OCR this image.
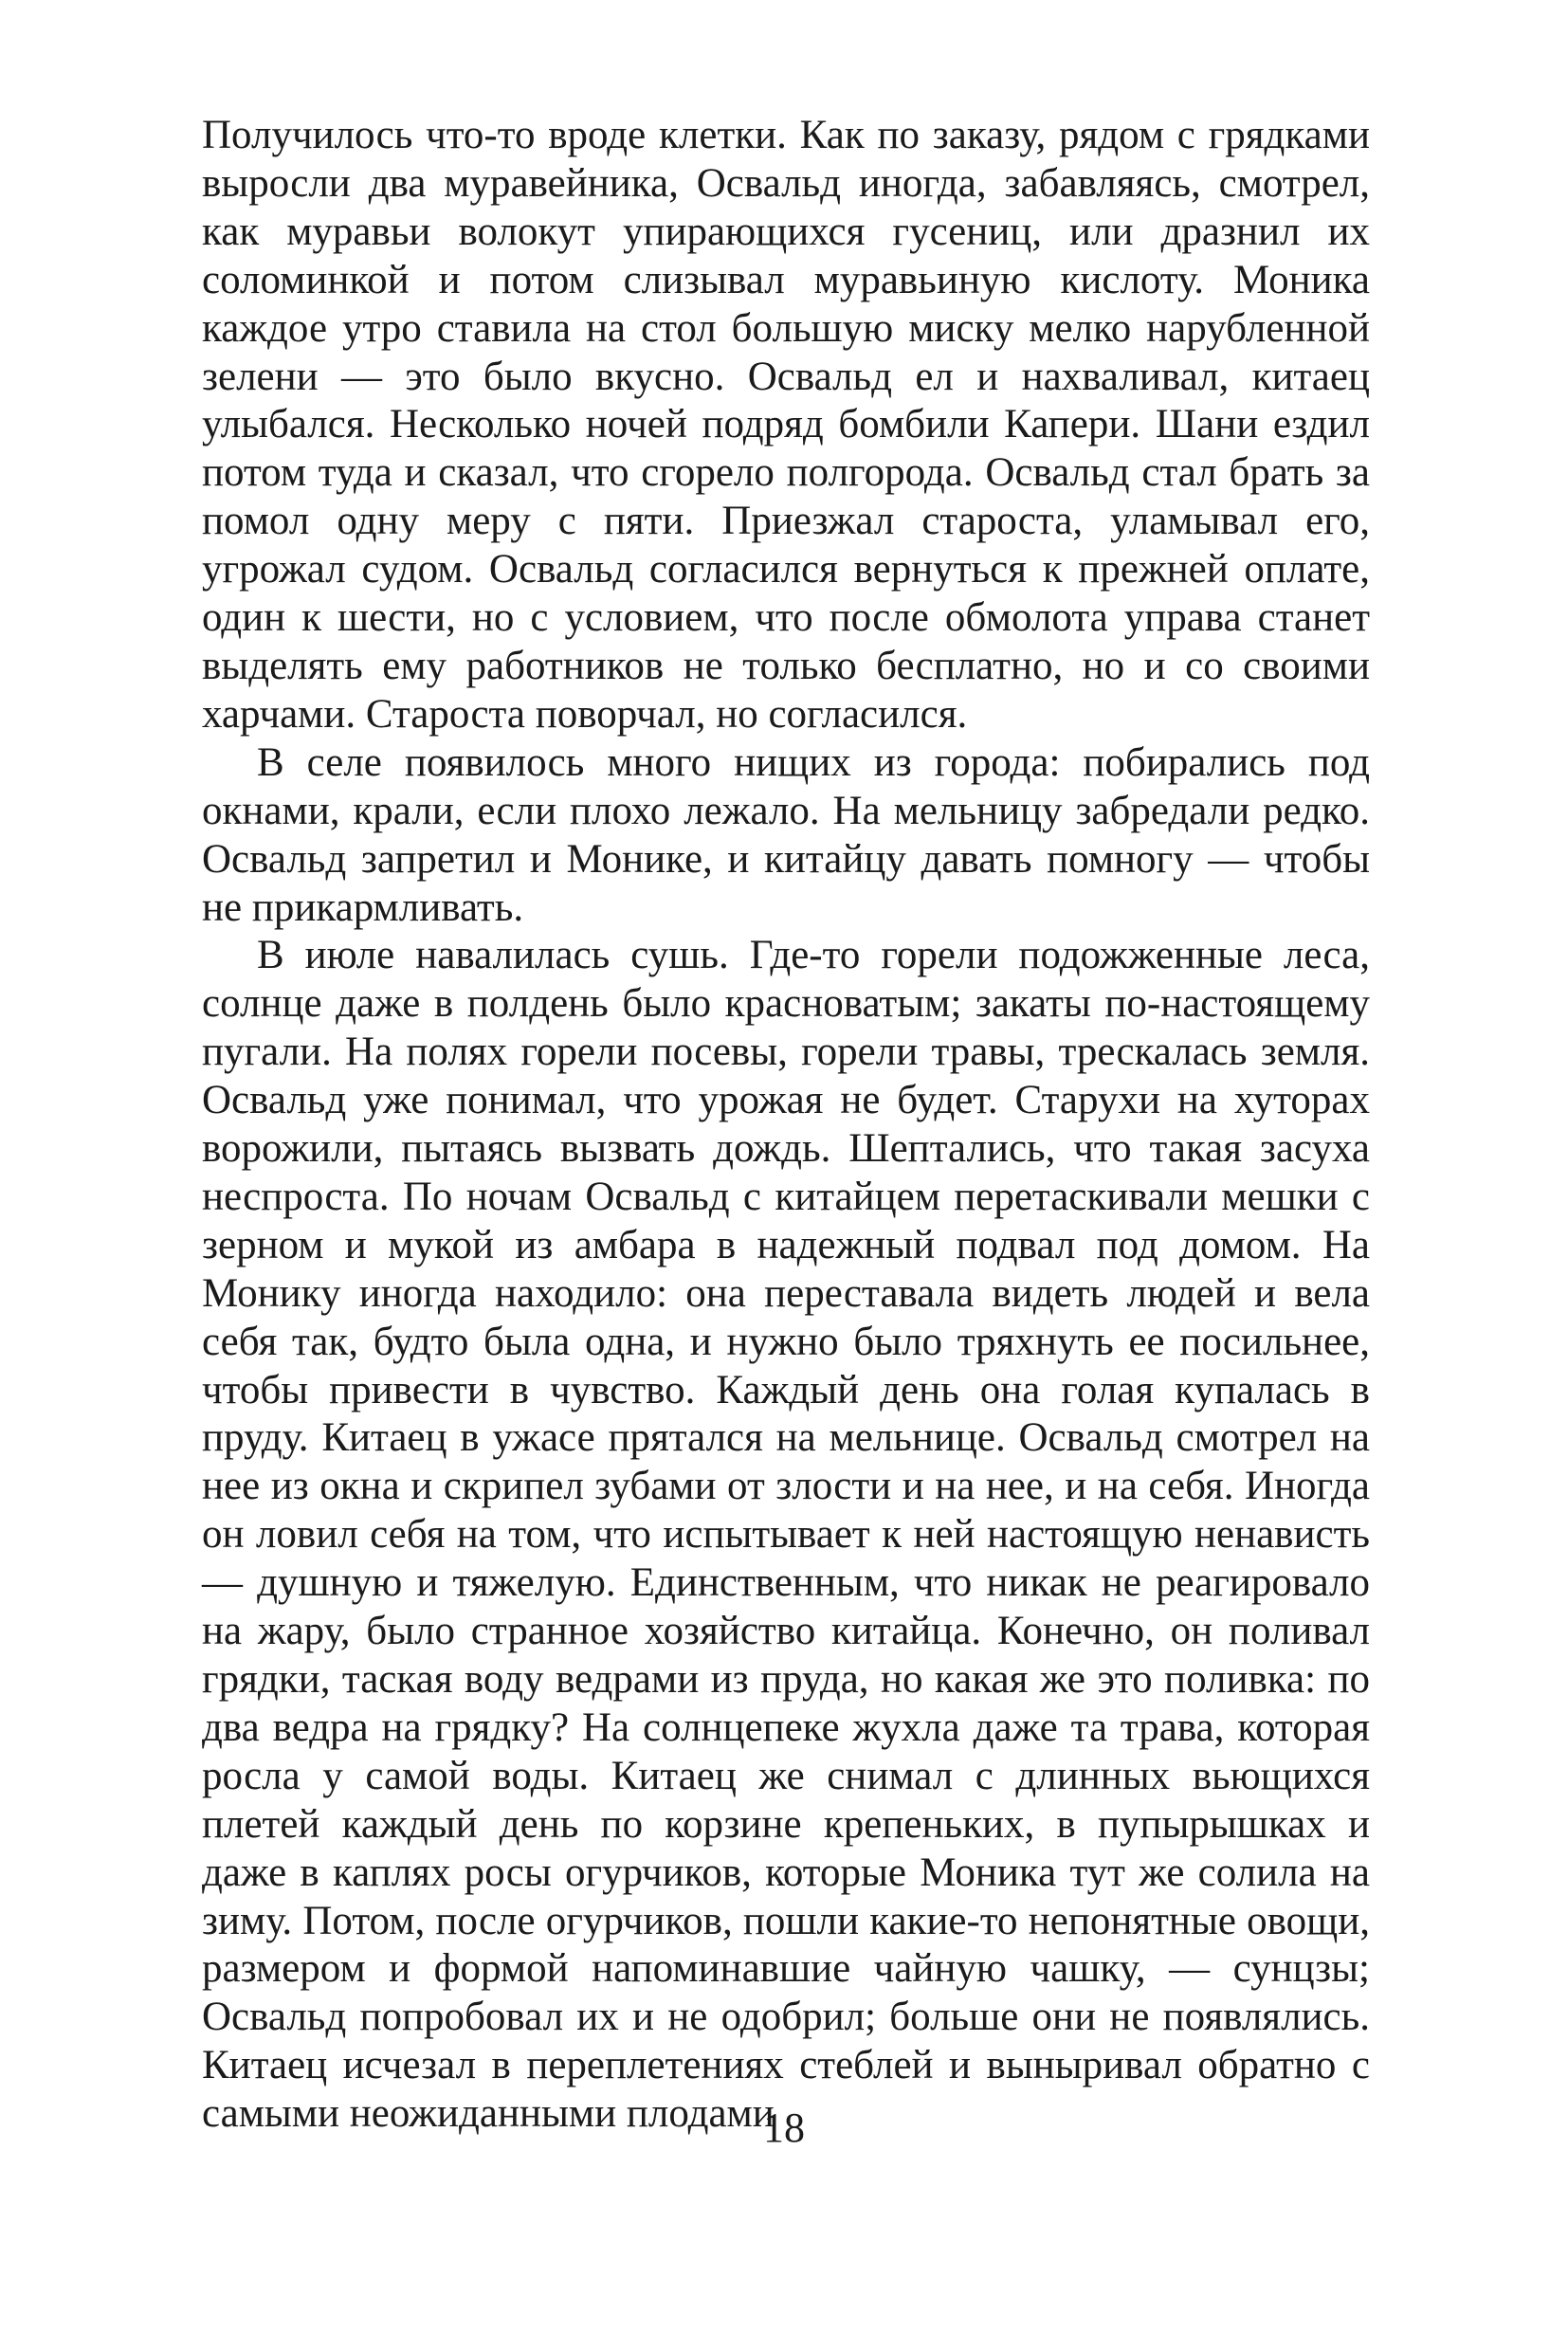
Получилось что-то вроде клетки. Как по заказу, рядом с грядками выросли два муравейника, Освальд иногда, забавляясь, смотрел, как муравьи волокут упирающихся гусениц, или дразнил их соломинкой и потом слизывал муравьиную кислоту. Моника каждое утро ставила на стол большую миску мелко нарубленной зелени — это было вкусно. Освальд ел и нахваливал, китаец улыбался. Несколько ночей подряд бомбили Капери. Шани ездил потом туда и сказал, что сгорело полгорода. Освальд стал брать за помол одну меру с пяти. Приезжал староста, уламывал его, угрожал судом. Освальд согласился вернуться к прежней оплате, один к шести, но с условием, что после обмолота управа станет выделять ему работников не только бесплатно, но и со своими харчами. Староста поворчал, но согласился.

В селе появилось много нищих из города: побирались под окнами, крали, если плохо лежало. На мельницу забредали редко. Освальд запретил и Монике, и китайцу давать помногу — чтобы не прикармливать.

В июле навалилась сушь. Где-то горели подожженные леса, солнце даже в полдень было красноватым; закаты по-настоящему пугали. На полях горели посевы, горели травы, трескалась земля. Освальд уже понимал, что урожая не будет. Старухи на хуторах ворожили, пытаясь вызвать дождь. Шептались, что такая засуха неспроста. По ночам Освальд с китайцем перетаскивали мешки с зерном и мукой из амбара в надежный подвал под домом. На Монику иногда находило: она переставала видеть людей и вела себя так, будто была одна, и нужно было тряхнуть ее посильнее, чтобы привести в чувство. Каждый день она голая купалась в пруду. Китаец в ужасе прятался на мельнице. Освальд смотрел на нее из окна и скрипел зубами от злости и на нее, и на себя. Иногда он ловил себя на том, что испытывает к ней настоящую ненависть — душную и тяжелую. Единственным, что никак не реагировало на жару, было странное хозяйство китайца. Конечно, он поливал грядки, таская воду ведрами из пруда, но какая же это поливка: по два ведра на грядку? На солнцепеке жухла даже та трава, которая росла у самой воды. Китаец же снимал с длинных вьющихся плетей каждый день по корзине крепеньких, в пупырышках и даже в каплях росы огурчиков, которые Моника тут же солила на зиму. Потом, после огурчиков, пошли какие-то непонятные овощи, размером и формой напоминавшие чайную чашку, — сунцзы; Освальд попробовал их и не одобрил; больше они не появлялись. Китаец исчезал в переплетениях стеблей и выныривал обратно с самыми неожиданными плодами

18
